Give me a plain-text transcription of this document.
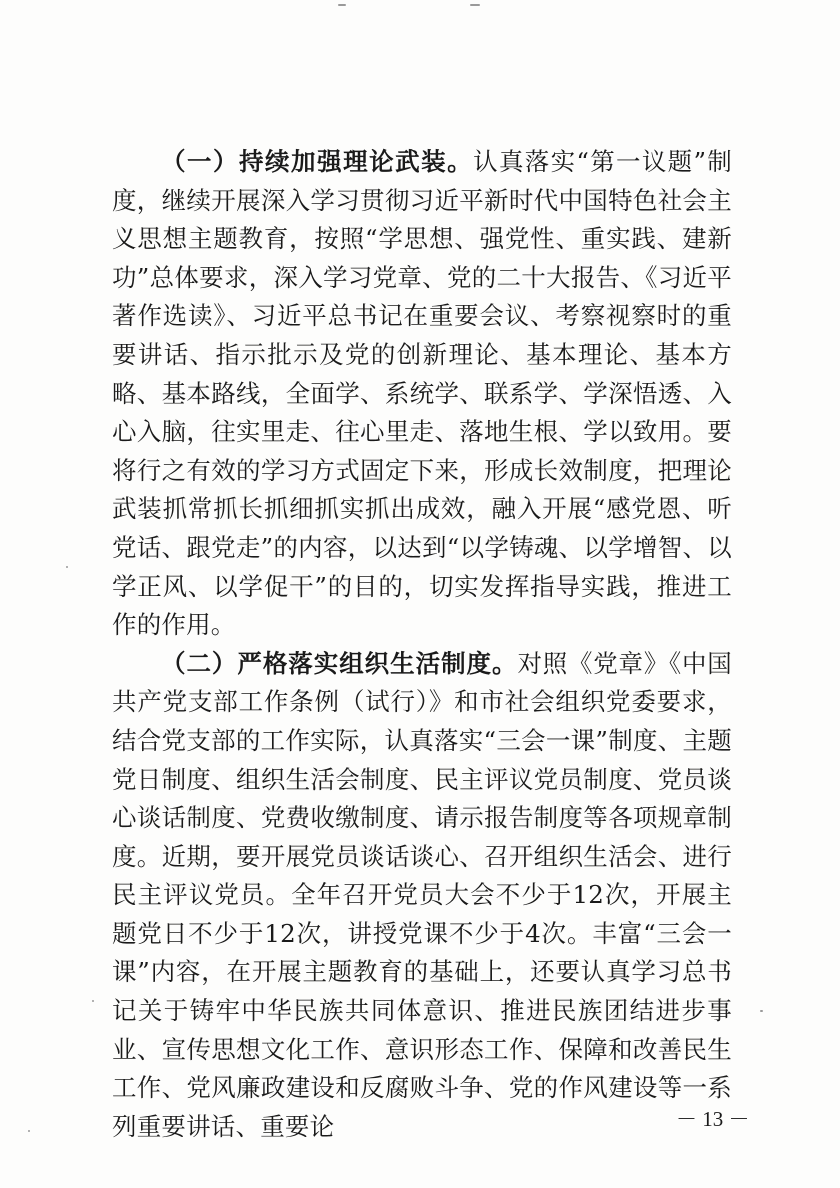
（一）持续加强理论武装。认真落实“第一议题”制度，继续开展深入学习贯彻习近平新时代中国特色社会主义思想主题教育，按照“学思想、强党性、重实践、建新功”总体要求，深入学习党章、党的二十大报告、《习近平著作选读》、习近平总书记在重要会议、考察视察时的重要讲话、指示批示及党的创新理论、基本理论、基本方略、基本路线，全面学、系统学、联系学、学深悟透、入心入脑，往实里走、往心里走、落地生根、学以致用。要将行之有效的学习方式固定下来，形成长效制度，把理论武装抓常抓长抓细抓实抓出成效，融入开展“感党恩、听党话、跟党走”的内容，以达到“以学铸魂、以学增智、以学正风、以学促干”的目的，切实发挥指导实践，推进工作的作用。

（二）严格落实组织生活制度。对照《党章》《中国共产党支部工作条例（试行）》和市社会组织党委要求，结合党支部的工作实际，认真落实“三会一课”制度、主题党日制度、组织生活会制度、民主评议党员制度、党员谈心谈话制度、党费收缴制度、请示报告制度等各项规章制度。近期，要开展党员谈话谈心、召开组织生活会、进行民主评议党员。全年召开党员大会不少于12次，开展主题党日不少于12次，讲授党课不少于4次。丰富“三会一课”内容，在开展主题教育的基础上，还要认真学习总书记关于铸牢中华民族共同体意识、推进民族团结进步事业、宣传思想文化工作、意识形态工作、保障和改善民生工作、党风廉政建设和反腐败斗争、党的作风建设等一系列重要讲话、重要论	－ 13 －
